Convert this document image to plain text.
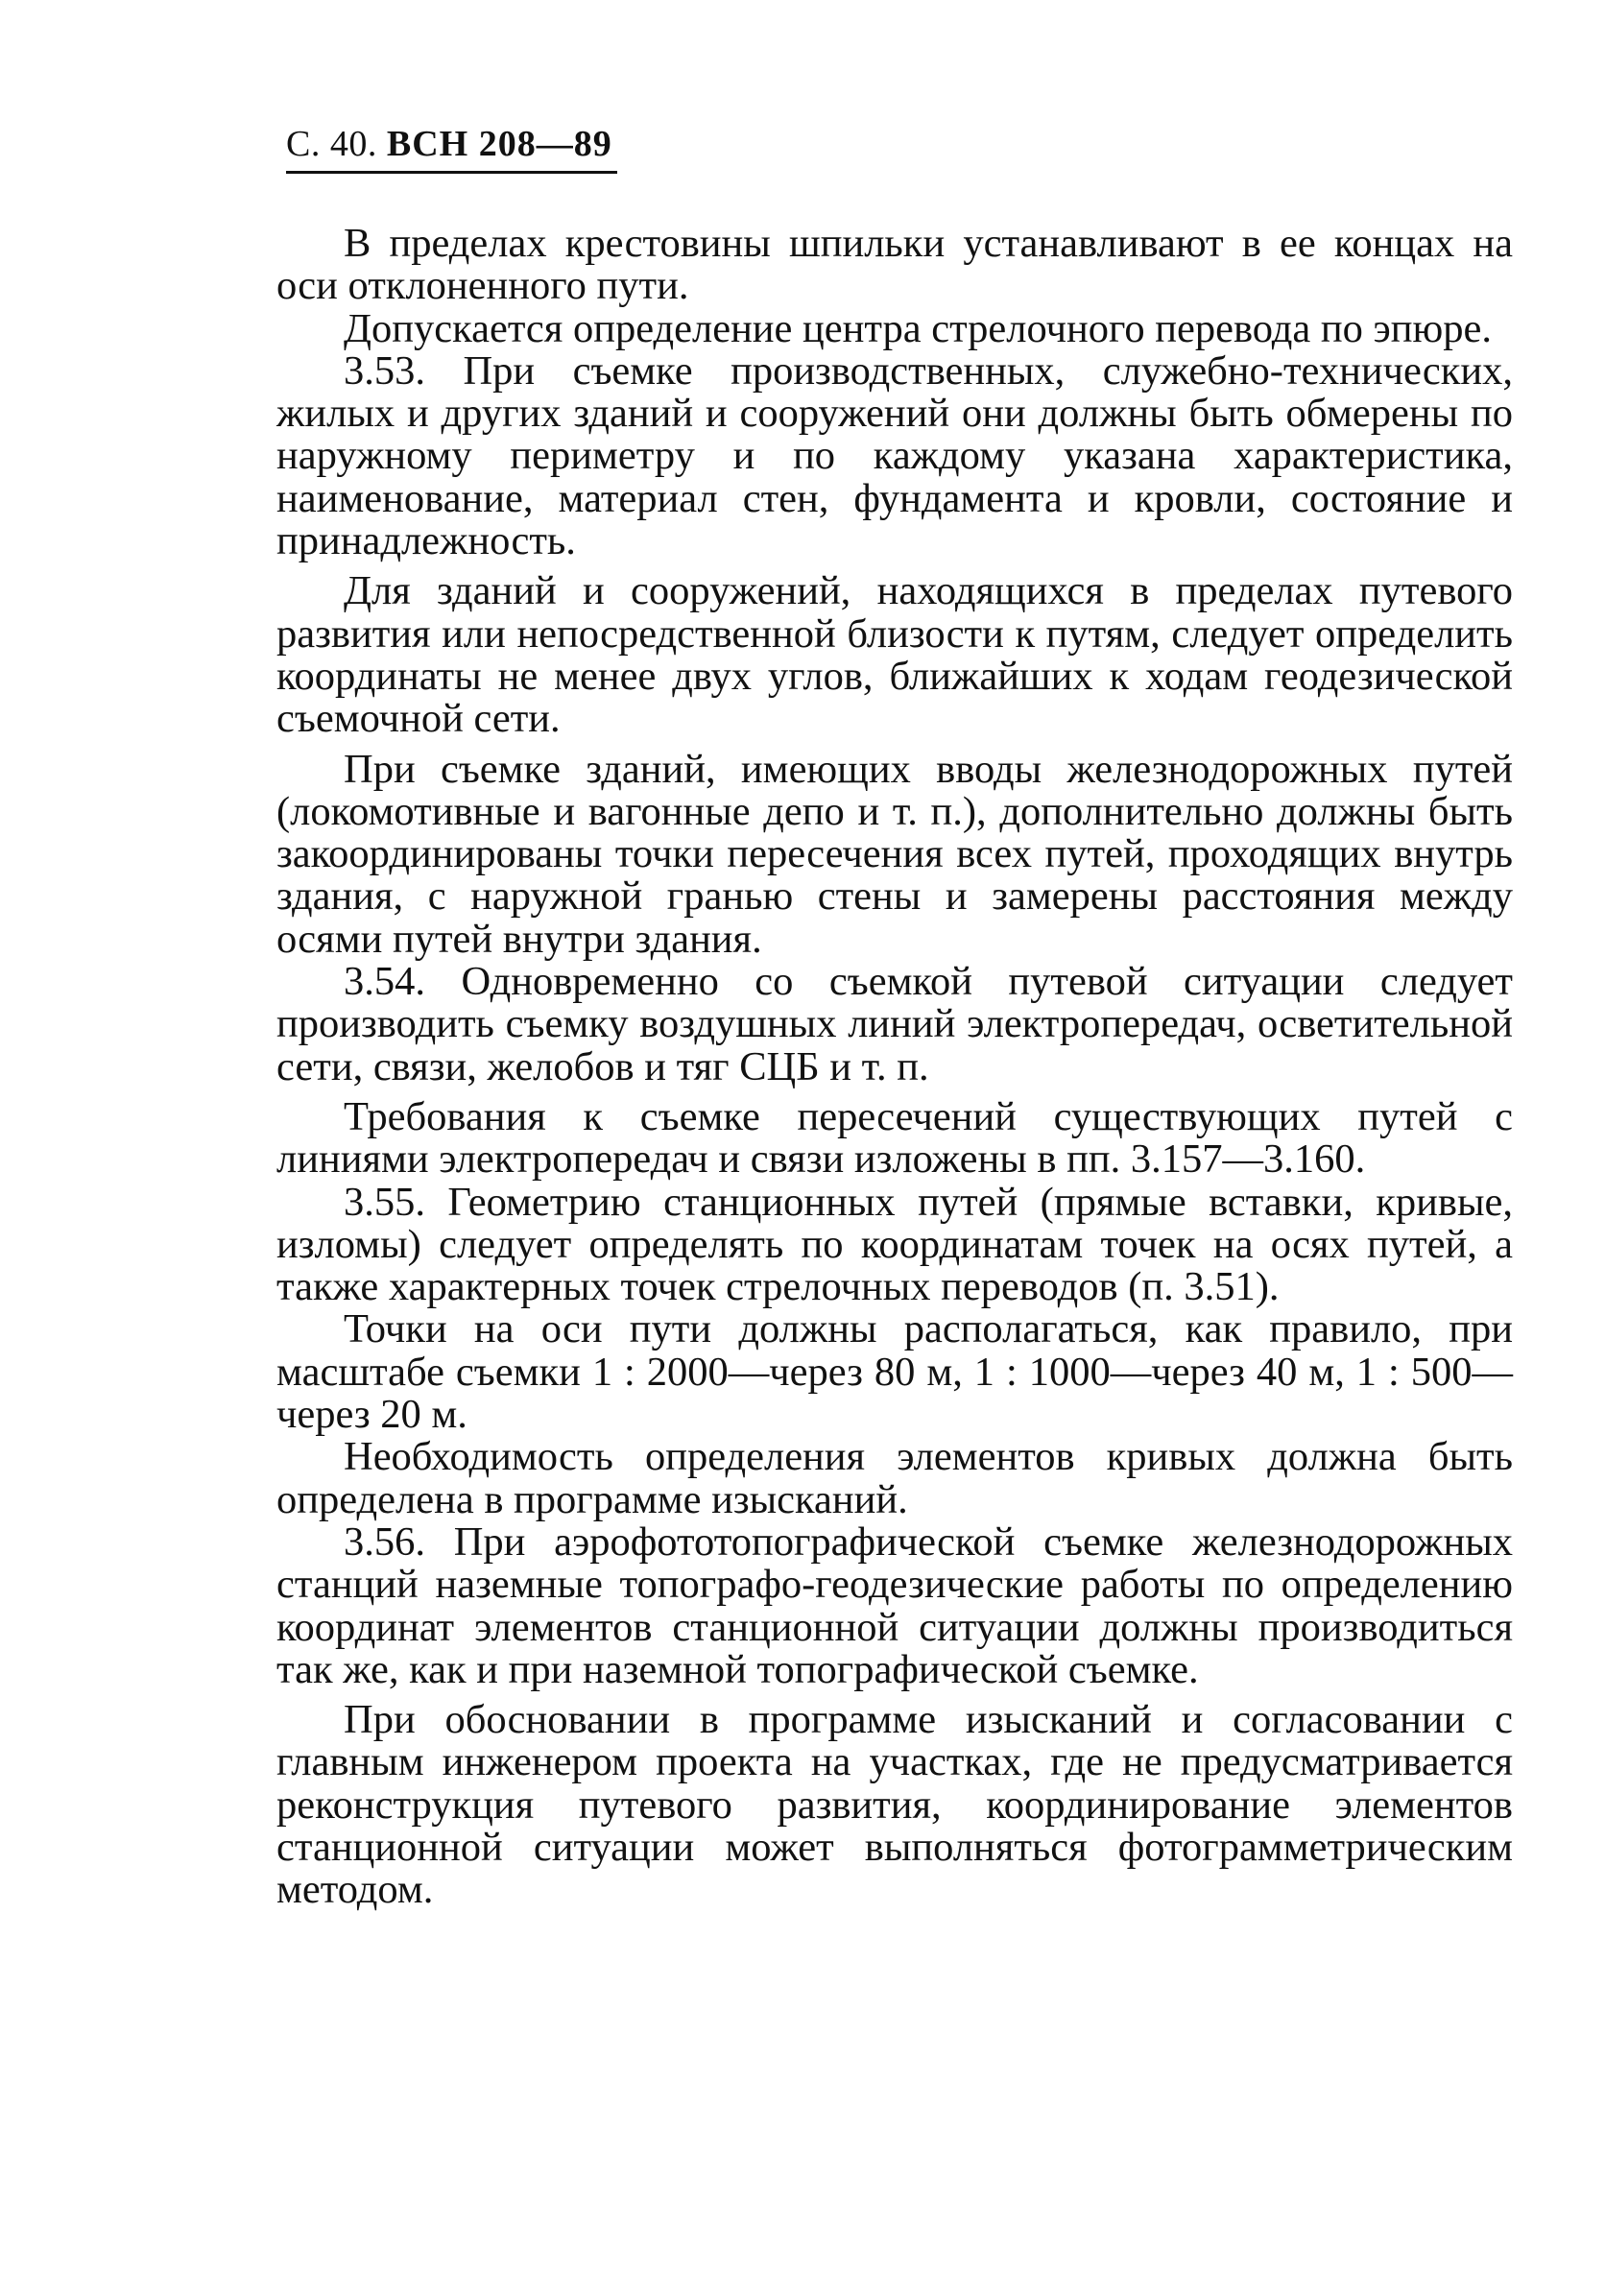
С. 40. ВСН 208—89

В пределах крестовины шпильки устанавливают в ее концах на оси отклоненного пути.

Допускается определение центра стрелочного перевода по эпюре.

3.53. При съемке производственных, служебно-технических, жилых и других зданий и сооружений они должны быть обмерены по наружному периметру и по каждому указана характеристика, наименование, материал стен, фундамента и кровли, состояние и принадлежность.

Для зданий и сооружений, находящихся в пределах путевого развития или непосредственной близости к путям, следует определить координаты не менее двух углов, ближайших к ходам геодезической съемочной сети.

При съемке зданий, имеющих вводы железнодорожных путей (локомотивные и вагонные депо и т. п.), дополнительно должны быть закоординированы точки пересечения всех путей, проходящих внутрь здания, с наружной гранью стены и замерены расстояния между осями путей внутри здания.

3.54. Одновременно со съемкой путевой ситуации следует производить съемку воздушных линий электропередач, осветительной сети, связи, желобов и тяг СЦБ и т. п.

Требования к съемке пересечений существующих путей с линиями электропередач и связи изложены в пп. 3.157—3.160.

3.55. Геометрию станционных путей (прямые вставки, кривые, изломы) следует определять по координатам точек на осях путей, а также характерных точек стрелочных переводов (п. 3.51).

Точки на оси пути должны располагаться, как правило, при масштабе съемки 1 : 2000—через 80 м, 1 : 1000—через 40 м, 1 : 500—через 20 м.

Необходимость определения элементов кривых должна быть определена в программе изысканий.

3.56. При аэрофототопографической съемке железнодорожных станций наземные топографо-геодезические работы по определению координат элементов станционной ситуации должны производиться так же, как и при наземной топографической съемке.

При обосновании в программе изысканий и согласовании с главным инженером проекта на участках, где не предусматривается реконструкция путевого развития, координирование элементов станционной ситуации может выполняться фотограмметрическим методом.
